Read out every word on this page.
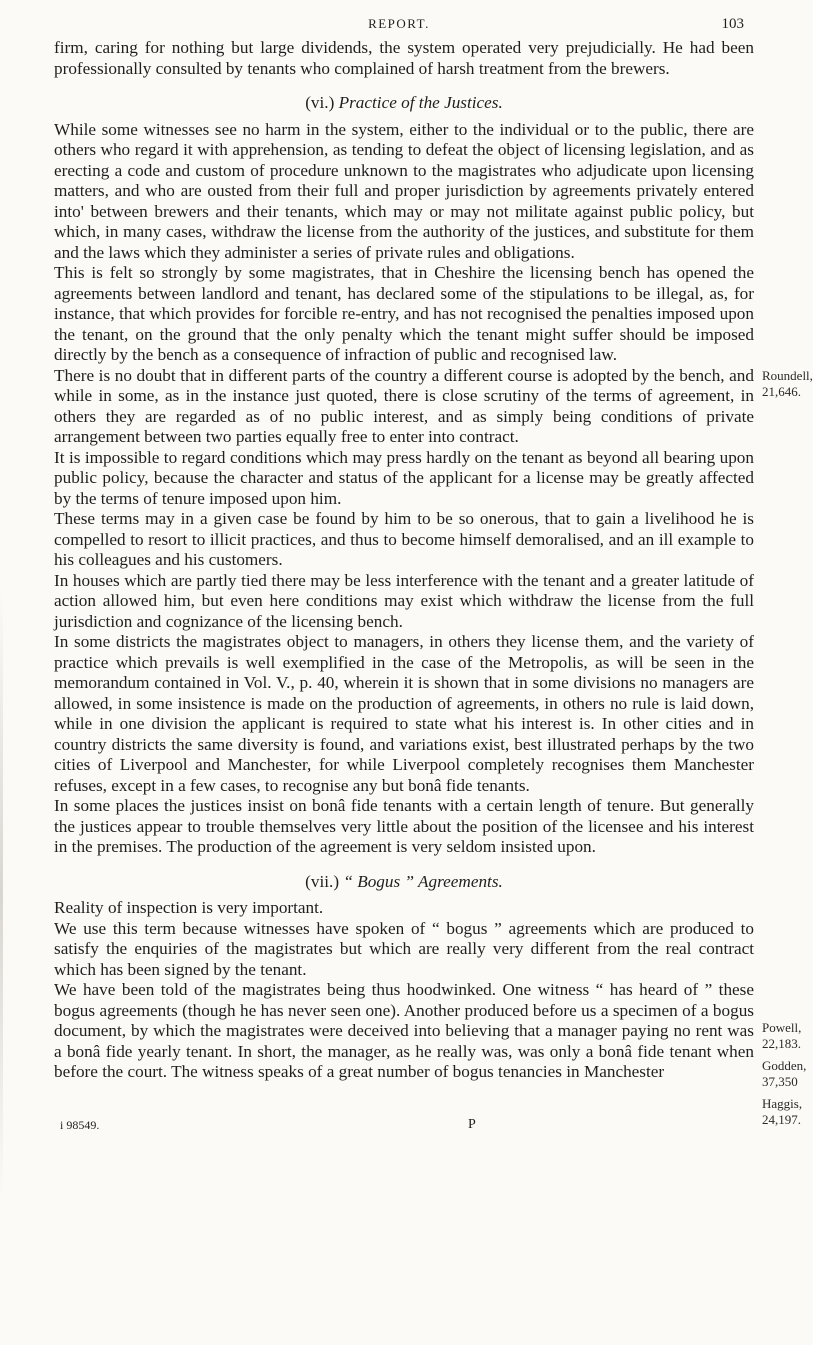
REPORT.	103

firm, caring for nothing but large dividends, the system operated very prejudicially. He had been professionally consulted by tenants who complained of harsh treatment from the brewers.

(vi.) Practice of the Justices.

While some witnesses see no harm in the system, either to the individual or to the public, there are others who regard it with apprehension, as tending to defeat the object of licensing legislation, and as erecting a code and custom of procedure unknown to the magistrates who adjudicate upon licensing matters, and who are ousted from their full and proper jurisdiction by agreements privately entered into' between brewers and their tenants, which may or may not militate against public policy, but which, in many cases, withdraw the license from the authority of the justices, and substitute for them and the laws which they administer a series of private rules and obligations.

This is felt so strongly by some magistrates, that in Cheshire the licensing bench has opened the agreements between landlord and tenant, has declared some of the stipulations to be illegal, as, for instance, that which provides for forcible re-entry, and has not recognised the penalties imposed upon the tenant, on the ground that the only penalty which the tenant might suffer should be imposed directly by the bench as a consequence of infraction of public and recognised law.

There is no doubt that in different parts of the country a different course is adopted by the bench, and while in some, as in the instance just quoted, there is close scrutiny of the terms of agreement, in others they are regarded as of no public interest, and as simply being conditions of private arrangement between two parties equally free to enter into contract.

It is impossible to regard conditions which may press hardly on the tenant as beyond all bearing upon public policy, because the character and status of the applicant for a license may be greatly affected by the terms of tenure imposed upon him.

These terms may in a given case be found by him to be so onerous, that to gain a livelihood he is compelled to resort to illicit practices, and thus to become himself demoralised, and an ill example to his colleagues and his customers.

In houses which are partly tied there may be less interference with the tenant and a greater latitude of action allowed him, but even here conditions may exist which withdraw the license from the full jurisdiction and cognizance of the licensing bench.

In some districts the magistrates object to managers, in others they license them, and the variety of practice which prevails is well exemplified in the case of the Metropolis, as will be seen in the memorandum contained in Vol. V., p. 40, wherein it is shown that in some divisions no managers are allowed, in some insistence is made on the production of agreements, in others no rule is laid down, while in one division the applicant is required to state what his interest is. In other cities and in country districts the same diversity is found, and variations exist, best illustrated perhaps by the two cities of Liverpool and Manchester, for while Liverpool completely recognises them Manchester refuses, except in a few cases, to recognise any but bonâ fide tenants.

In some places the justices insist on bonâ fide tenants with a certain length of tenure. But generally the justices appear to trouble themselves very little about the position of the licensee and his interest in the premises. The production of the agreement is very seldom insisted upon.

(vii.) “ Bogus ” Agreements.

Reality of inspection is very important.

We use this term because witnesses have spoken of “ bogus ” agreements which are produced to satisfy the enquiries of the magistrates but which are really very different from the real contract which has been signed by the tenant.

We have been told of the magistrates being thus hoodwinked. One witness “ has heard of ” these bogus agreements (though he has never seen one). Another produced before us a specimen of a bogus document, by which the magistrates were deceived into believing that a manager paying no rent was a bonâ fide yearly tenant. In short, the manager, as he really was, was only a bonâ fide tenant when before the court. The witness speaks of a great number of bogus tenancies in Manchester

Roundell,
21,646.
Powell,
22,183.
Godden,
37,350
Haggis,
24,197.
i 98549.	P
